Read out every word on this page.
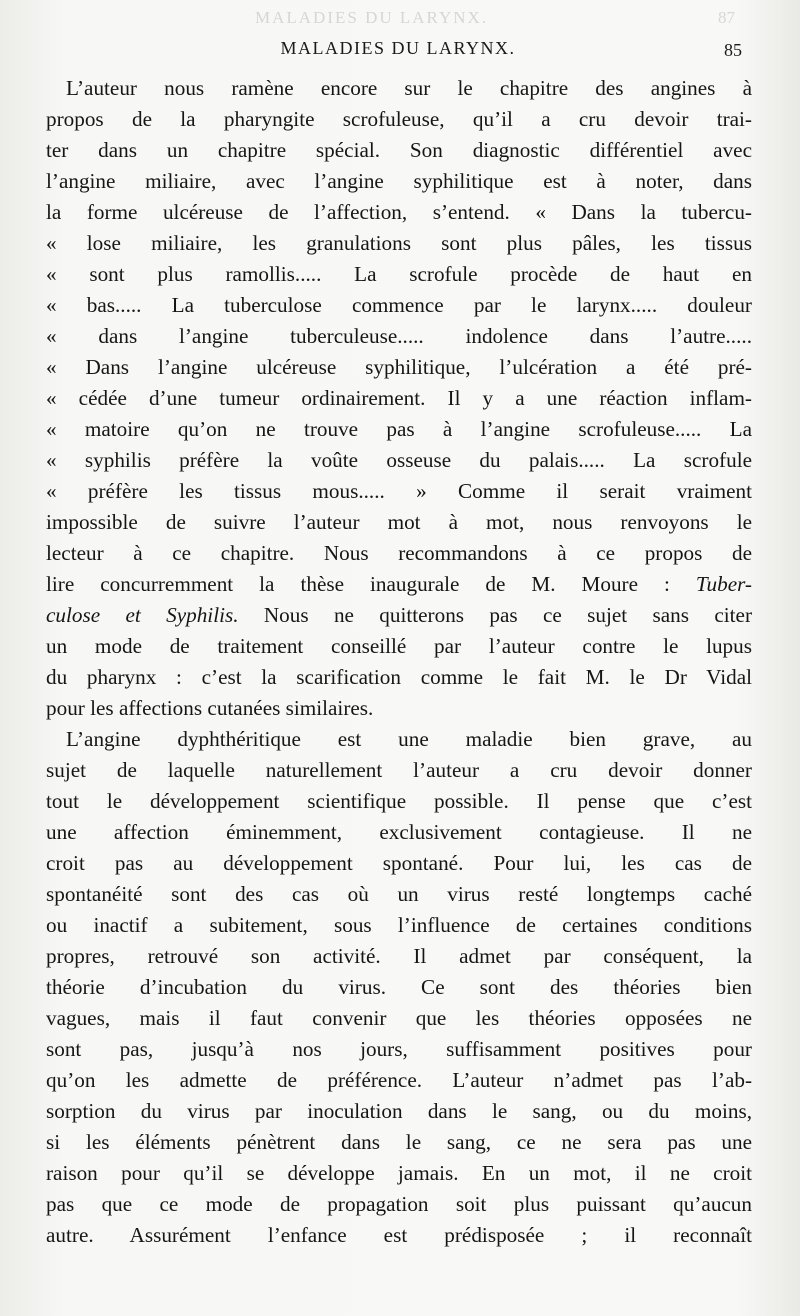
MALADIES DU LARYNX.	87
MALADIES DU LARYNX.	85
L’auteur nous ramène encore sur le chapitre des angines à
propos de la pharyngite scrofuleuse, qu’il a cru devoir trai-
ter dans un chapitre spécial. Son diagnostic différentiel avec
l’angine miliaire, avec l’angine syphilitique est à noter, dans
la forme ulcéreuse de l’affection, s’entend. « Dans la tubercu-
« lose miliaire, les granulations sont plus pâles, les tissus
« sont plus ramollis..... La scrofule procède de haut en
« bas..... La tuberculose commence par le larynx..... douleur
« dans l’angine tuberculeuse..... indolence dans l’autre.....
« Dans l’angine ulcéreuse syphilitique, l’ulcération a été pré-
« cédée d’une tumeur ordinairement. Il y a une réaction inflam-
« matoire qu’on ne trouve pas à l’angine scrofuleuse..... La
« syphilis préfère la voûte osseuse du palais..... La scrofule
« préfère les tissus mous..... » Comme il serait vraiment
impossible de suivre l’auteur mot à mot, nous renvoyons le
lecteur à ce chapitre. Nous recommandons à ce propos de
lire concurremment la thèse inaugurale de M. Moure : Tuber-
culose et Syphilis. Nous ne quitterons pas ce sujet sans citer
un mode de traitement conseillé par l’auteur contre le lupus
du pharynx : c’est la scarification comme le fait M. le Dr Vidal
pour les affections cutanées similaires.
L’angine dyphthéritique est une maladie bien grave, au
sujet de laquelle naturellement l’auteur a cru devoir donner
tout le développement scientifique possible. Il pense que c’est
une affection éminemment, exclusivement contagieuse. Il ne
croit pas au développement spontané. Pour lui, les cas de
spontanéité sont des cas où un virus resté longtemps caché
ou inactif a subitement, sous l’influence de certaines conditions
propres, retrouvé son activité. Il admet par conséquent, la
théorie d’incubation du virus. Ce sont des théories bien
vagues, mais il faut convenir que les théories opposées ne
sont pas, jusqu’à nos jours, suffisamment positives pour
qu’on les admette de préférence. L’auteur n’admet pas l’ab-
sorption du virus par inoculation dans le sang, ou du moins,
si les éléments pénètrent dans le sang, ce ne sera pas une
raison pour qu’il se développe jamais. En un mot, il ne croit
pas que ce mode de propagation soit plus puissant qu’aucun
autre. Assurément l’enfance est prédisposée ; il reconnaît
